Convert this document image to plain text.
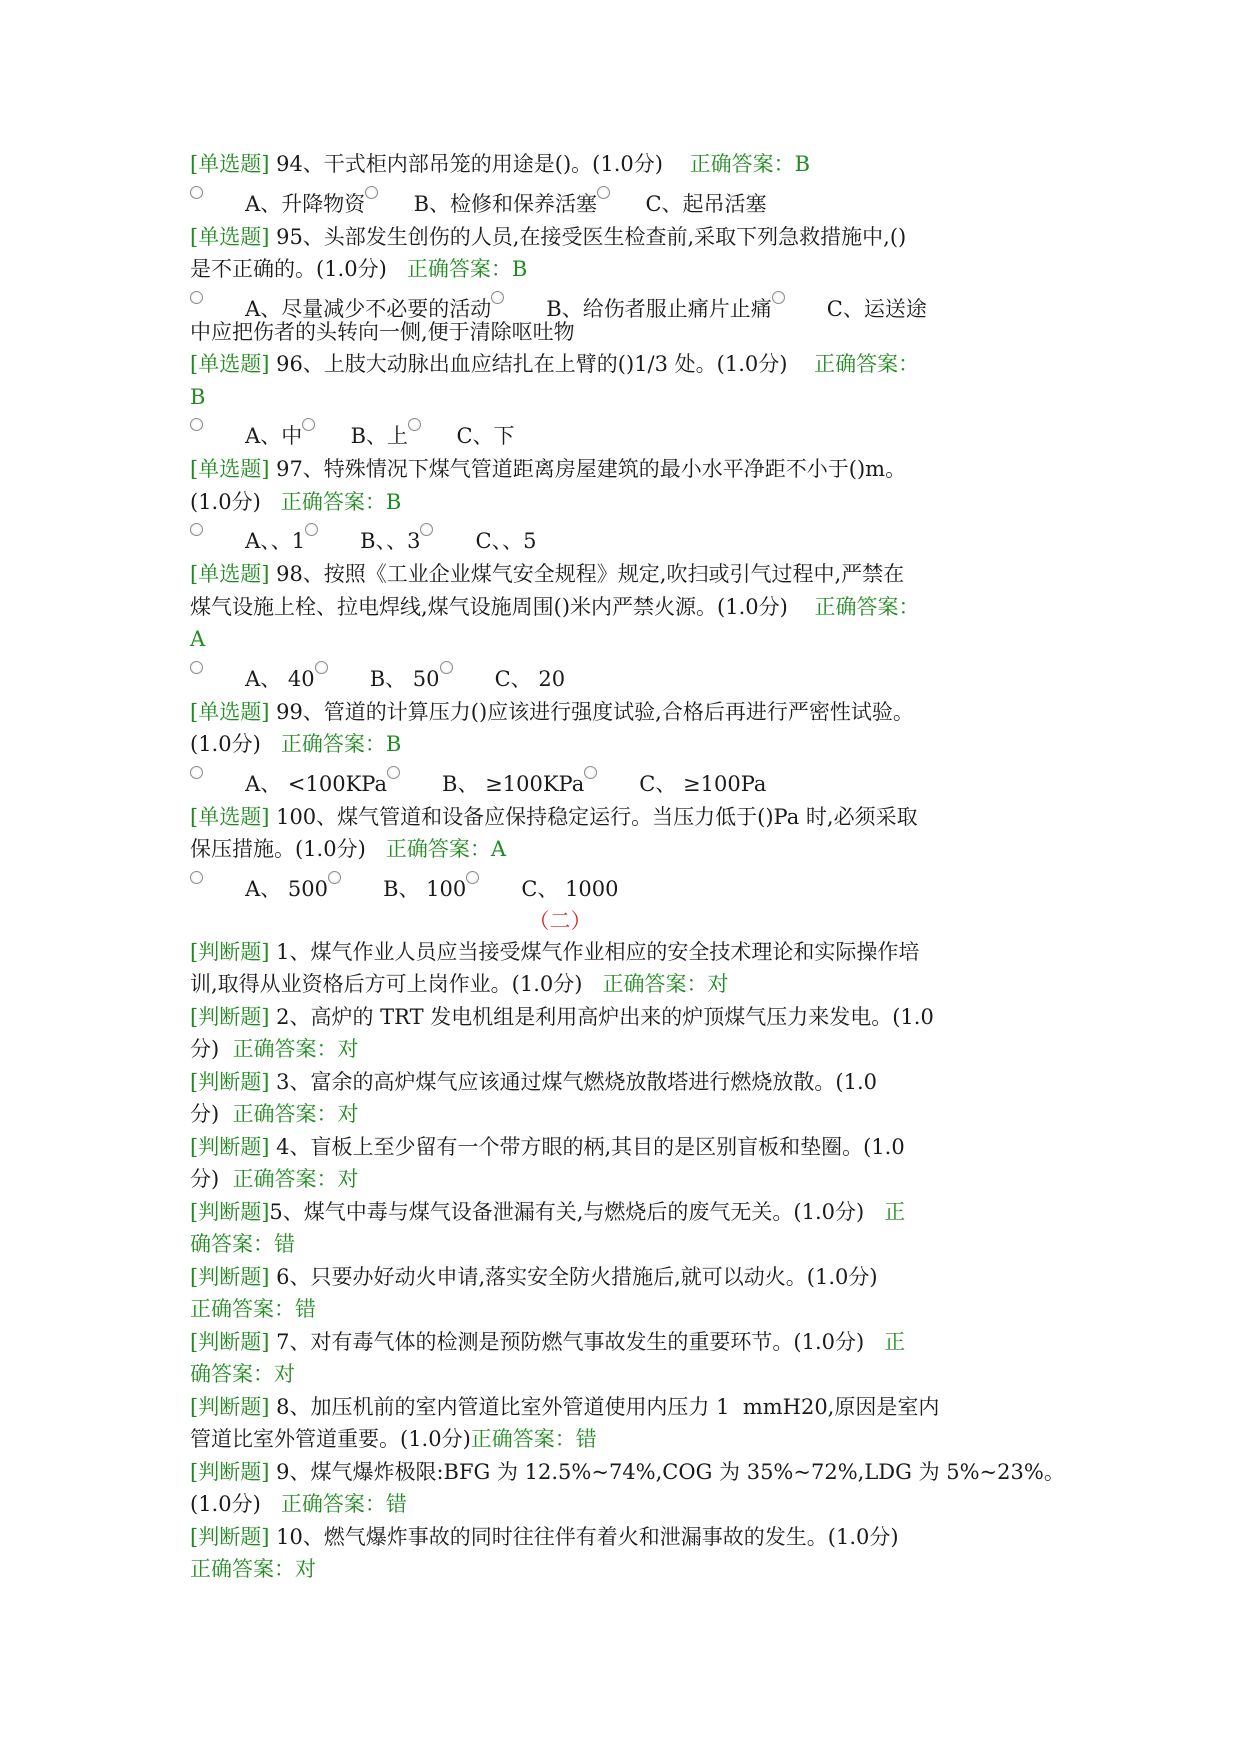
[单选题] 94、干式柜内部吊笼的用途是()。(1.0分) 正确答案：B
A、升降物资 B、检修和保养活塞 C、起吊活塞
[单选题] 95、头部发生创伤的人员,在接受医生检查前,采取下列急救措施中,()
是不正确的。(1.0分) 正确答案：B
A、尽量减少不必要的活动	B、给伤者服止痛片止痛	C、运送途
中应把伤者的头转向一侧,便于清除呕吐物
[单选题] 96、上肢大动脉出血应结扎在上臂的()1/3 处。(1.0分) 正确答案：
B
A、中 B、上 C、下
[单选题] 97、特殊情况下煤气管道距离房屋建筑的最小水平净距不小于()m。
(1.0分) 正确答案：B
A、、1	B、、3	C、、5
[单选题] 98、按照《工业企业煤气安全规程》规定,吹扫或引气过程中,严禁在
煤气设施上栓、拉电焊线,煤气设施周围()米内严禁火源。(1.0分) 正确答案：
A
A、 40	B、 50	C、 20
[单选题] 99、管道的计算压力()应该进行强度试验,合格后再进行严密性试验。
(1.0分) 正确答案：B
A、 <100KPa	B、 ≥100KPa	C、 ≥100Pa
[单选题] 100、煤气管道和设备应保持稳定运行。当压力低于()Pa 时,必须采取
保压措施。(1.0分) 正确答案：A
A、 500	B、 100	C、 1000
（二）
[判断题] 1、煤气作业人员应当接受煤气作业相应的安全技术理论和实际操作培
训,取得从业资格后方可上岗作业。(1.0分) 正确答案：对
[判断题] 2、高炉的 TRT 发电机组是利用高炉出来的炉顶煤气压力来发电。(1.0
分) 正确答案：对
[判断题] 3、富余的高炉煤气应该通过煤气燃烧放散塔进行燃烧放散。(1.0
分) 正确答案：对
[判断题] 4、盲板上至少留有一个带方眼的柄,其目的是区别盲板和垫圈。(1.0
分) 正确答案：对
[判断题]5、煤气中毒与煤气设备泄漏有关,与燃烧后的废气无关。(1.0分) 正
确答案：错
[判断题] 6、只要办好动火申请,落实安全防火措施后,就可以动火。(1.0分)
正确答案：错
[判断题] 7、对有毒气体的检测是预防燃气事故发生的重要环节。(1.0分) 正
确答案：对
[判断题] 8、加压机前的室内管道比室外管道使用内压力 1  mmH20,原因是室内
管道比室外管道重要。(1.0分)正确答案：错
[判断题] 9、煤气爆炸极限:BFG 为 12.5%~74%,COG 为 35%~72%,LDG 为 5%~23%。
(1.0分) 正确答案：错
[判断题] 10、燃气爆炸事故的同时往往伴有着火和泄漏事故的发生。(1.0分)
正确答案：对
